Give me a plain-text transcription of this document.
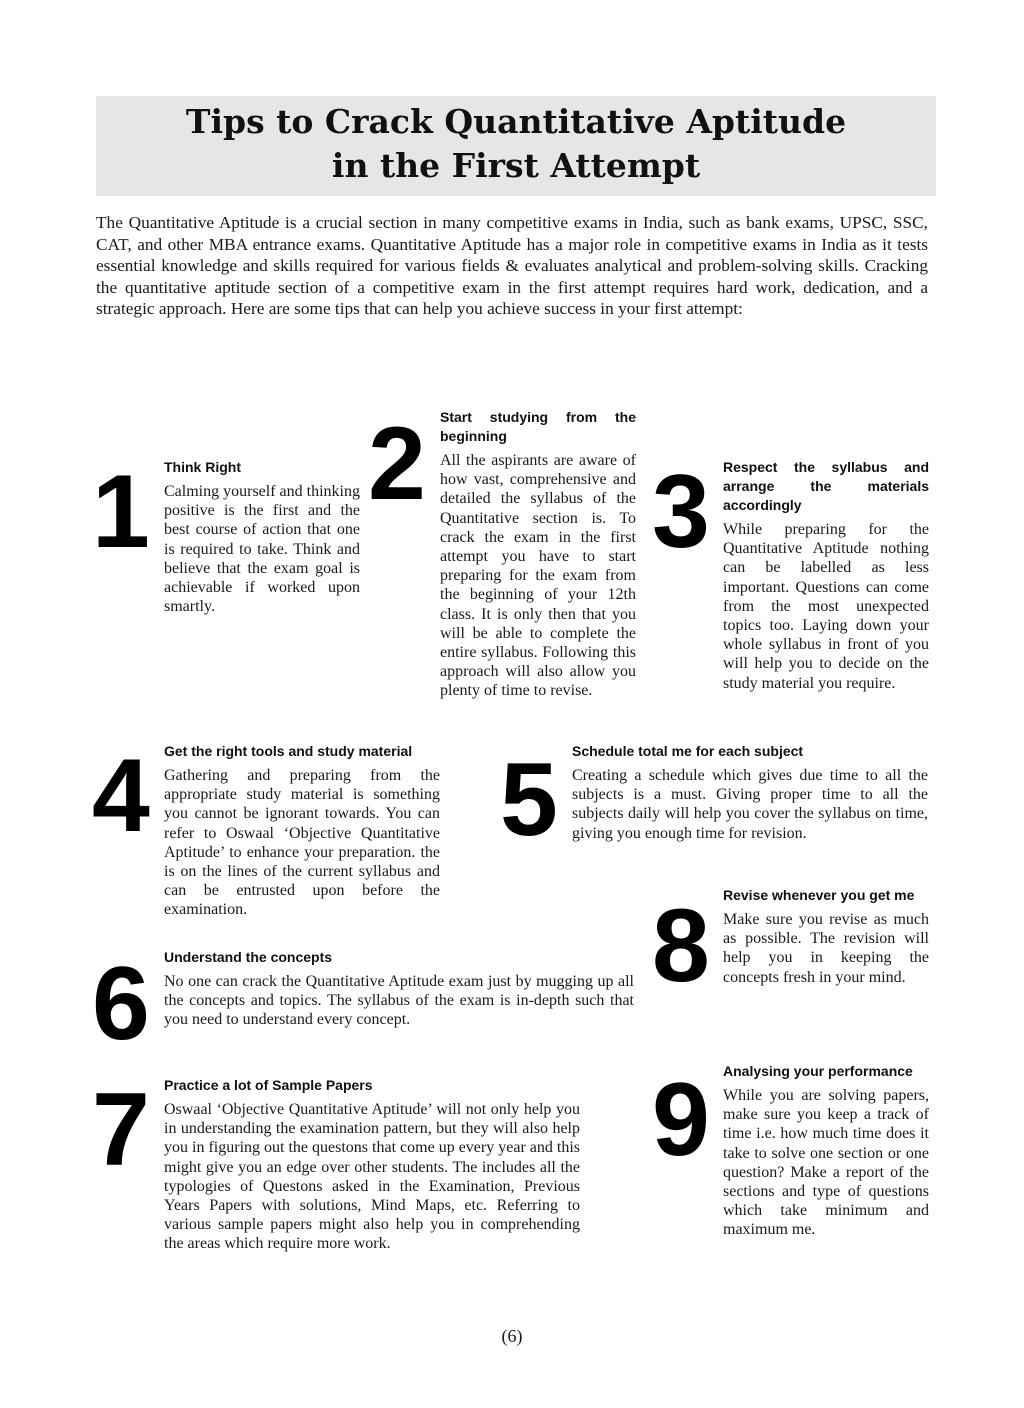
Tips to Crack Quantitative Aptitude
in the First Attempt

The Quantitative Aptitude is a crucial section in many competitive exams in India, such as bank exams, UPSC, SSC, CAT, and other MBA entrance exams. Quantitative Aptitude has a major role in competitive exams in India as it tests essential knowledge and skills required for various fields & evaluates analytical and problem-solving skills. Cracking the quantitative aptitude section of a competitive exam in the first attempt requires hard work, dedication, and a strategic approach. Here are some tips that can help you achieve success in your first attempt:

1 Think Right

Calming yourself and thinking positive is the first and the best course of action that one is required to take. Think and believe that the exam goal is achievable if worked upon smartly.

2 Start studying from the beginning

All the aspirants are aware of how vast, comprehensive and detailed the syllabus of the Quantitative section is. To crack the exam in the first attempt you have to start preparing for the exam from the beginning of your 12th class. It is only then that you will be able to complete the entire syllabus. Following this approach will also allow you plenty of time to revise.

3 Respect the syllabus and arrange the materials accordingly

While preparing for the Quantitative Aptitude nothing can be labelled as less important. Questions can come from the most unexpected topics too. Laying down your whole syllabus in front of you will help you to decide on the study material you require.

4 Get the right tools and study material

Gathering and preparing from the appropriate study material is something you cannot be ignorant towards. You can refer to Oswaal ‘Objective Quantitative Aptitude’ to enhance your preparation. the is on the lines of the current syllabus and can be entrusted upon before the examination.

5 Schedule total me for each subject

Creating a schedule which gives due time to all the subjects is a must. Giving proper time to all the subjects daily will help you cover the syllabus on time, giving you enough time for revision.

6 Understand the concepts

No one can crack the Quantitative Aptitude exam just by mugging up all the concepts and topics. The syllabus of the exam is in-depth such that you need to understand every concept.

7 Practice a lot of Sample Papers

Oswaal ‘Objective Quantitative Aptitude’ will not only help you in understanding the examination pattern, but they will also help you in figuring out the questons that come up every year and this might give you an edge over other students. The includes all the typologies of Questons asked in the Examination, Previous Years Papers with solutions, Mind Maps, etc. Referring to various sample papers might also help you in comprehending the areas which require more work.

8 Revise whenever you get me

Make sure you revise as much as possible. The revision will help you in keeping the concepts fresh in your mind.

9 Analysing your performance

While you are solving papers, make sure you keep a track of time i.e. how much time does it take to solve one section or one question? Make a report of the sections and type of questions which take minimum and maximum me.

(6)
